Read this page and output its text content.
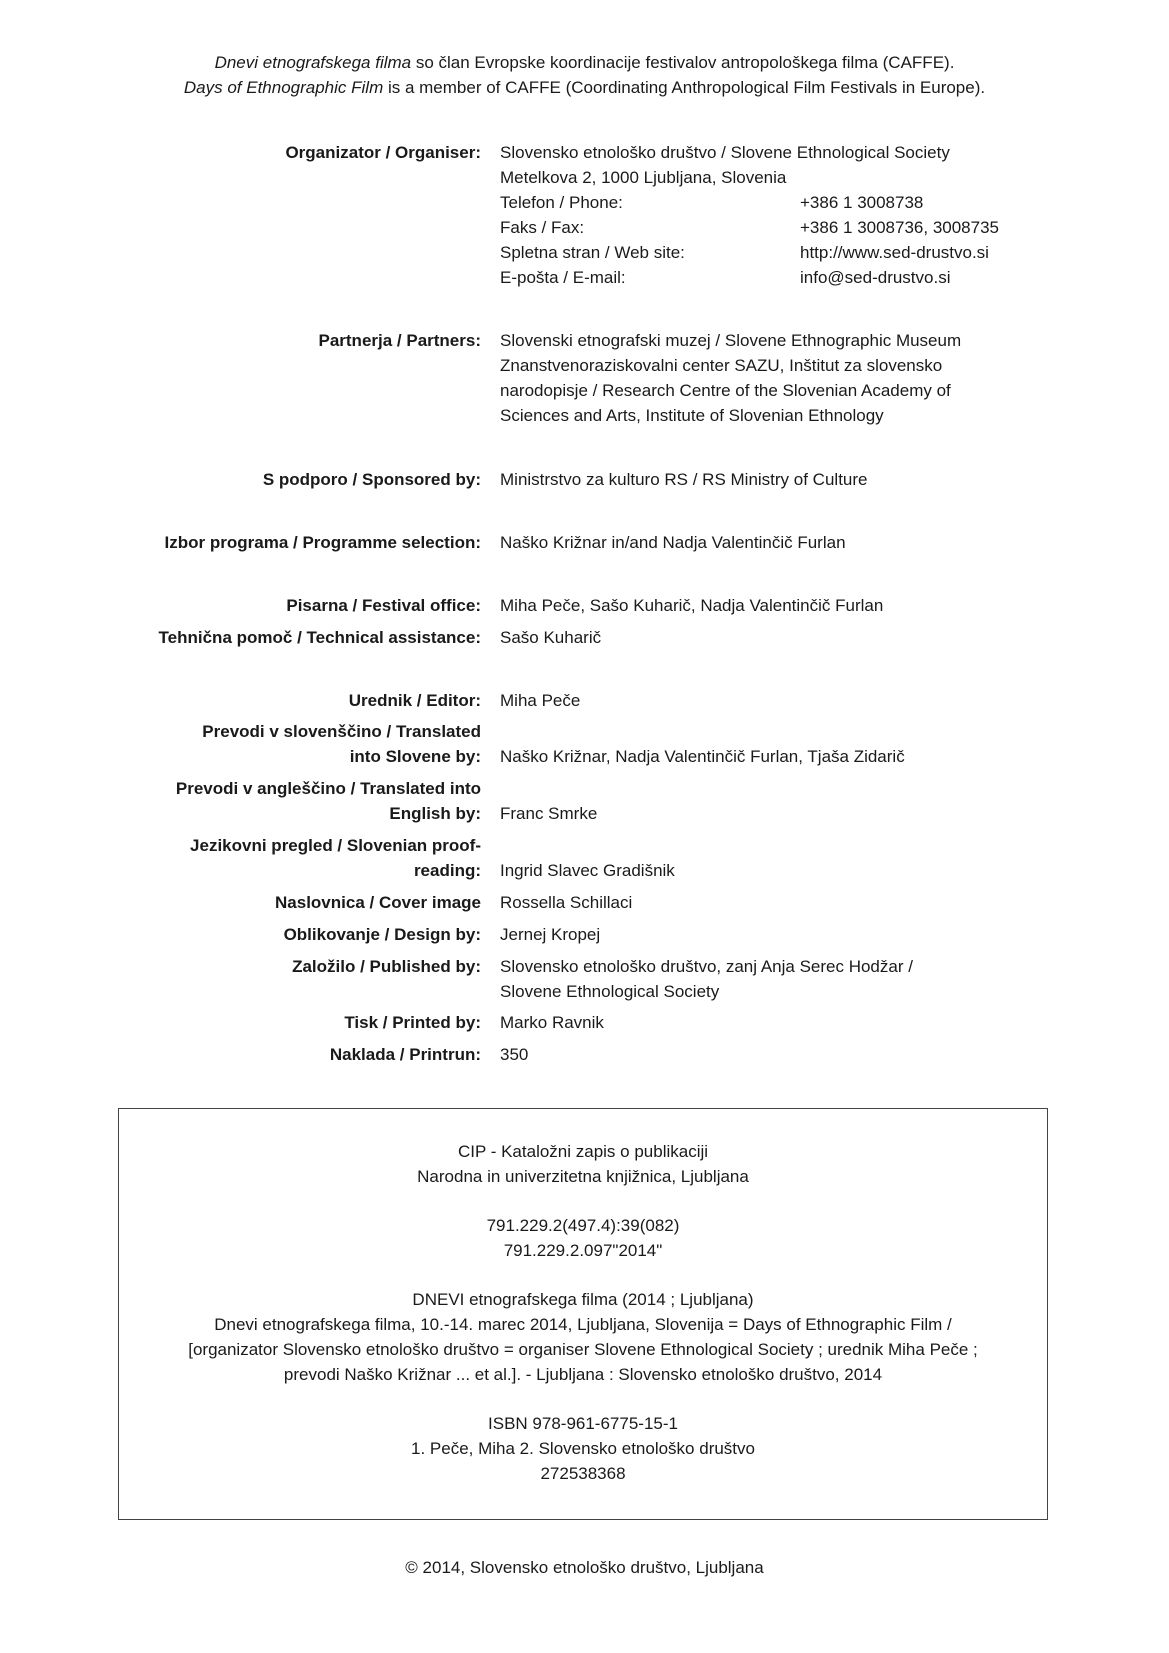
Dnevi etnografskega filma so član Evropske koordinacije festivalov antropološkega filma (CAFFE).
Days of Ethnographic Film is a member of CAFFE (Coordinating Anthropological Film Festivals in Europe).
Organizator / Organiser: Slovensko etnološko društvo / Slovene Ethnological Society
Metelkova 2, 1000 Ljubljana, Slovenia
Telefon / Phone:	+386 1 3008738
Faks / Fax:	+386 1 3008736, 3008735
Spletna stran / Web site:	http://www.sed-drustvo.si
E-pošta / E-mail:	info@sed-drustvo.si
Partnerja / Partners: Slovenski etnografski muzej / Slovene Ethnographic Museum
Znanstvenoraziskovalni center SAZU, Inštitut za slovensko
narodopisje / Research Centre of the Slovenian Academy of
Sciences and Arts, Institute of Slovenian Ethnology
S podporo / Sponsored by: Ministrstvo za kulturo RS / RS Ministry of Culture
Izbor programa / Programme selection: Naško Križnar in/and Nadja Valentinčič Furlan
Pisarna / Festival office: Miha Peče, Sašo Kuharič, Nadja Valentinčič Furlan
Tehnična pomoč / Technical assistance: Sašo Kuharič
Urednik / Editor: Miha Peče
Prevodi v slovenščino / Translated
into Slovene by: Naško Križnar, Nadja Valentinčič Furlan, Tjaša Zidarič
Prevodi v angleščino / Translated into
English by: Franc Smrke
Jezikovni pregled / Slovenian proof-
reading: Ingrid Slavec Gradišnik
Naslovnica / Cover image Rossella Schillaci
Oblikovanje / Design by: Jernej Kropej
Založilo / Published by: Slovensko etnološko društvo, zanj Anja Serec Hodžar /
Slovene Ethnological Society
Tisk / Printed by: Marko Ravnik
Naklada / Printrun: 350
CIP - Kataložni zapis o publikaciji
Narodna in univerzitetna knjižnica, Ljubljana
791.229.2(497.4):39(082)
791.229.2.097"2014"
DNEVI etnografskega filma (2014 ; Ljubljana)
Dnevi etnografskega filma, 10.-14. marec 2014, Ljubljana, Slovenija = Days of Ethnographic Film /
[organizator Slovensko etnološko društvo = organiser Slovene Ethnological Society ; urednik Miha Peče ;
prevodi Naško Križnar ... et al.]. - Ljubljana : Slovensko etnološko društvo, 2014
ISBN 978-961-6775-15-1
1. Peče, Miha 2. Slovensko etnološko društvo
272538368
© 2014, Slovensko etnološko društvo, Ljubljana
